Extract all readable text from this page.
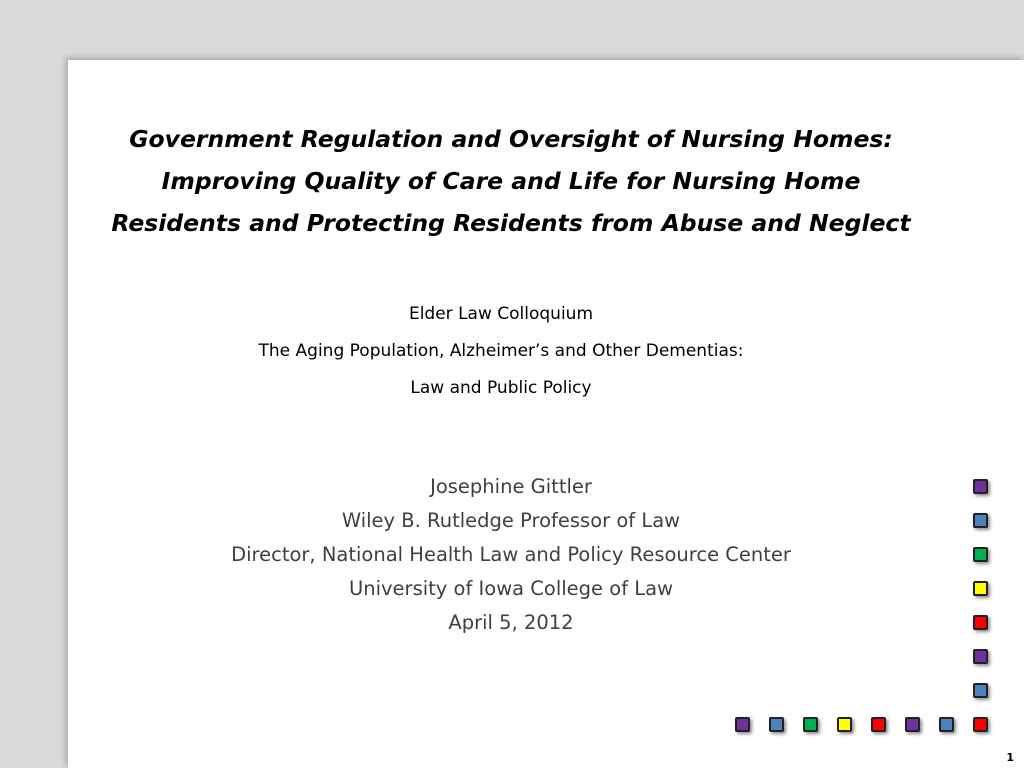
Government Regulation and Oversight of Nursing Homes:
Improving Quality of Care and Life for Nursing Home
Residents and Protecting Residents from Abuse and Neglect
Elder Law Colloquium
The Aging Population, Alzheimer’s and Other Dementias:
Law and Public Policy
Josephine Gittler
Wiley B. Rutledge Professor of Law
Director, National Health Law and Policy Resource Center
University of Iowa College of Law
April 5, 2012
1
